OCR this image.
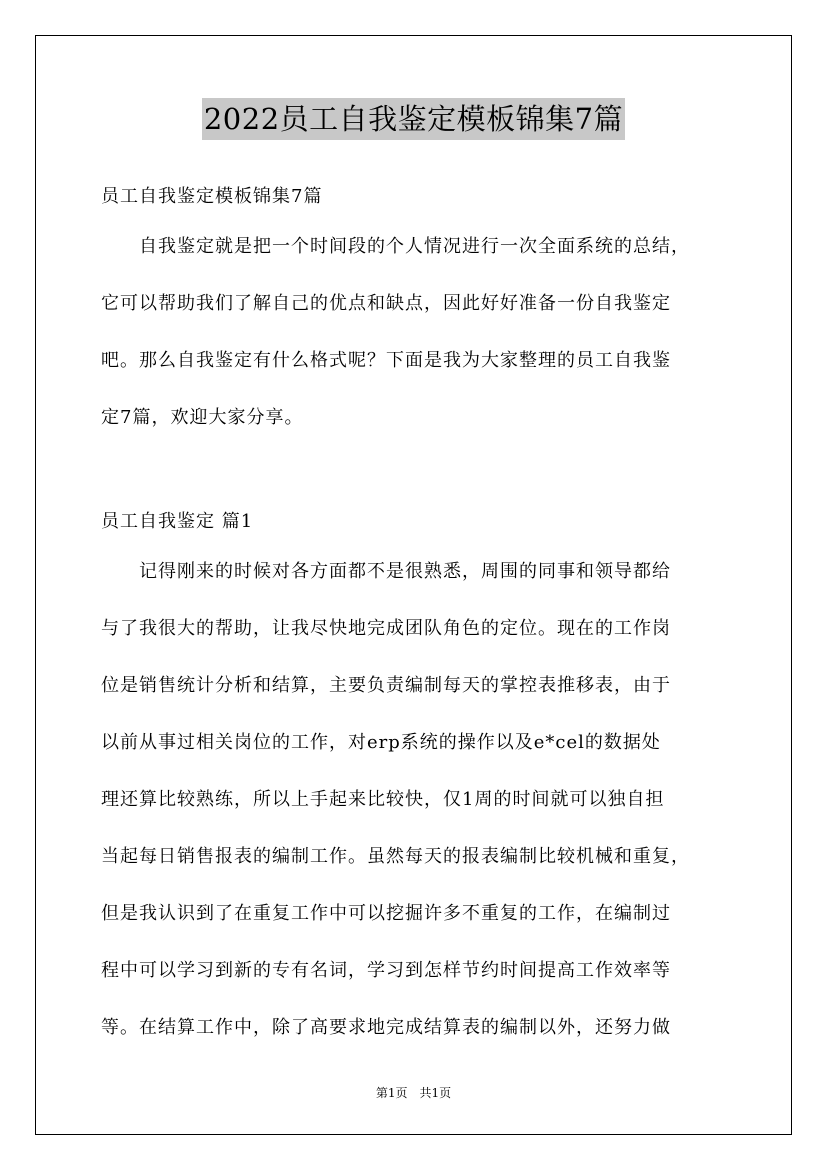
2022员工自我鉴定模板锦集7篇
员工自我鉴定模板锦集7篇
　　自我鉴定就是把一个时间段的个人情况进行一次全面系统的总结，
它可以帮助我们了解自己的优点和缺点，因此好好准备一份自我鉴定
吧。那么自我鉴定有什么格式呢？下面是我为大家整理的员工自我鉴
定7篇，欢迎大家分享。
员工自我鉴定 篇1
　　记得刚来的时候对各方面都不是很熟悉，周围的同事和领导都给
与了我很大的帮助，让我尽快地完成团队角色的定位。现在的工作岗
位是销售统计分析和结算，主要负责编制每天的掌控表推移表，由于
以前从事过相关岗位的工作，对erp系统的操作以及e*cel的数据处
理还算比较熟练，所以上手起来比较快，仅1周的时间就可以独自担
当起每日销售报表的编制工作。虽然每天的报表编制比较机械和重复，
但是我认识到了在重复工作中可以挖掘许多不重复的工作，在编制过
程中可以学习到新的专有名词，学习到怎样节约时间提高工作效率等
等。在结算工作中，除了高要求地完成结算表的编制以外，还努力做
第1页　共1页
